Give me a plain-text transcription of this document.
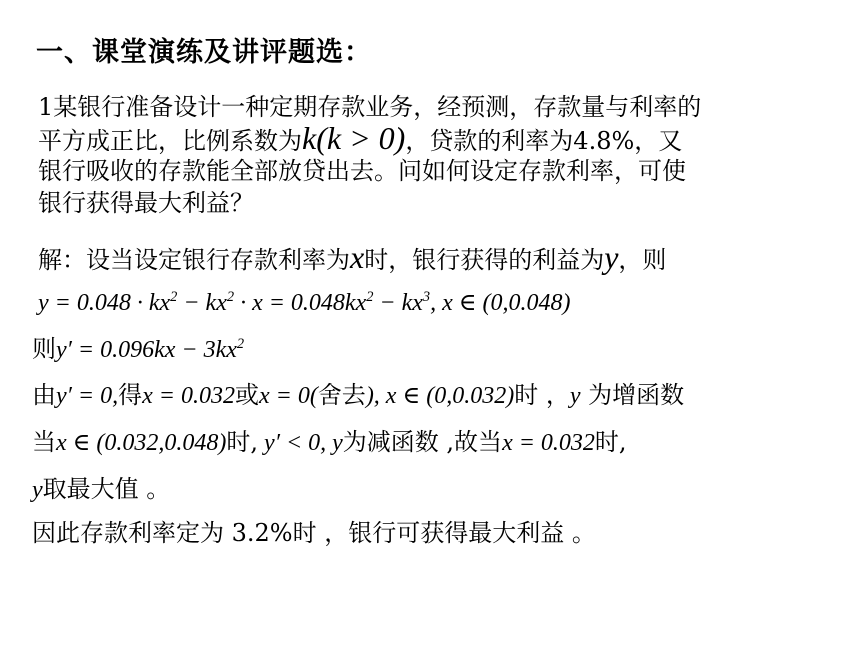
一、课堂演练及讲评题选：
1某银行准备设计一种定期存款业务，经预测，存款量与利率的
平方成正比，比例系数为k(k > 0)，贷款的利率为4.8%，又
银行吸收的存款能全部放贷出去。问如何设定存款利率，可使
银行获得最大利益？
解：设当设定银行存款利率为x时，银行获得的利益为y，则
$y = 0.048 \cdot kx^2 - kx^2 \cdot x = 0.048kx^2 - kx^3$, x ∈ (0,0.048)
则$y' = 0.096kx - 3kx^2$
由y′ = 0,得x = 0.032或x = 0(舍去), x ∈ (0,0.032)时 ，y 为增函数
当x ∈ (0.032,0.048)时, y′ < 0, y为减函数 ,故当x = 0.032时,
y取最大值 。
因此存款利率定为 3.2%时 ，银行可获得最大利益 。
